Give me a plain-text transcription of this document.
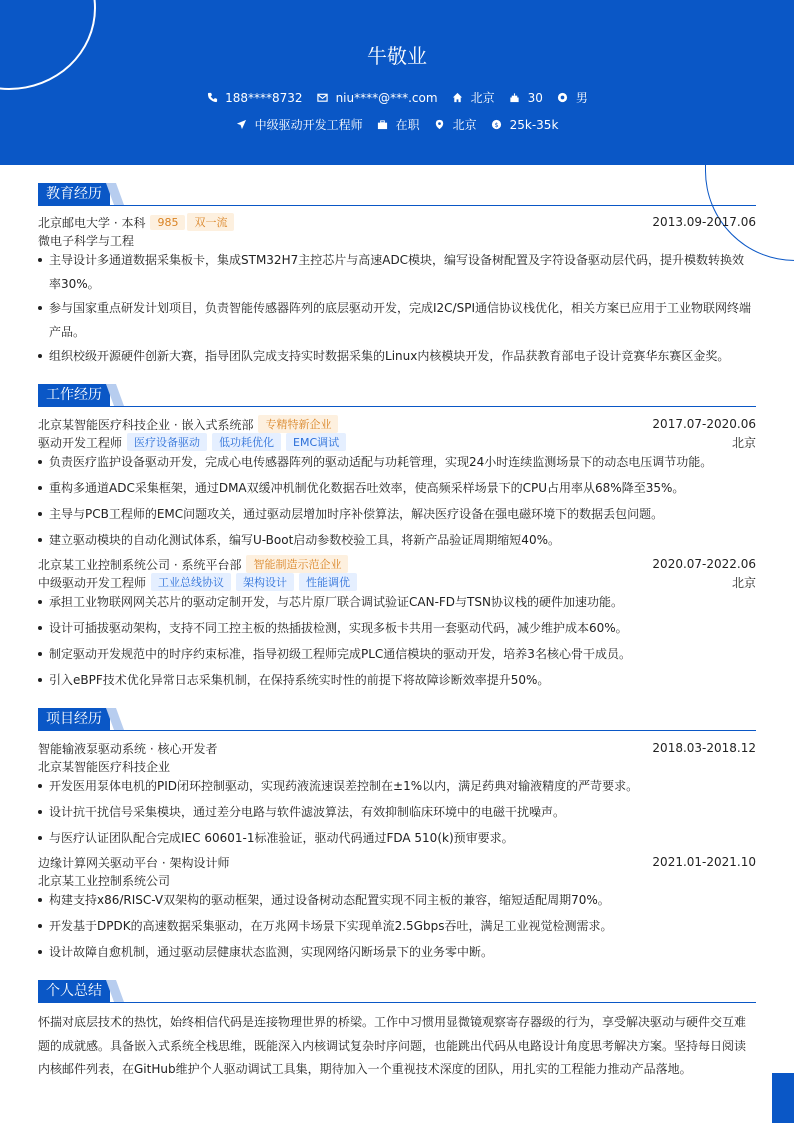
牛敬业
188****8732	niu****@***.com	北京	30	男
中级驱动开发工程师	在职	北京	$ 25k-35k
教育经历
北京邮电大学 · 本科	985	双一流	2013.09-2017.06
微电子科学与工程
主导设计多通道数据采集板卡，集成STM32H7主控芯片与高速ADC模块，编写设备树配置及字符设备驱动层代码，提升模数转换效率30%。
参与国家重点研发计划项目，负责智能传感器阵列的底层驱动开发，完成I2C/SPI通信协议栈优化，相关方案已应用于工业物联网终端产品。
组织校级开源硬件创新大赛，指导团队完成支持实时数据采集的Linux内核模块开发，作品获教育部电子设计竞赛华东赛区金奖。
工作经历
北京某智能医疗科技企业 · 嵌入式系统部	专精特新企业	2017.07-2020.06
驱动开发工程师	医疗设备驱动	低功耗优化	EMC调试	北京
负责医疗监护设备驱动开发，完成心电传感器阵列的驱动适配与功耗管理，实现24小时连续监测场景下的动态电压调节功能。
重构多通道ADC采集框架，通过DMA双缓冲机制优化数据吞吐效率，使高频采样场景下的CPU占用率从68%降至35%。
主导与PCB工程师的EMC问题攻关，通过驱动层增加时序补偿算法，解决医疗设备在强电磁环境下的数据丢包问题。
建立驱动模块的自动化测试体系，编写U-Boot启动参数校验工具，将新产品验证周期缩短40%。
北京某工业控制系统公司 · 系统平台部	智能制造示范企业	2020.07-2022.06
中级驱动开发工程师	工业总线协议	架构设计	性能调优	北京
承担工业物联网网关芯片的驱动定制开发，与芯片原厂联合调试验证CAN-FD与TSN协议栈的硬件加速功能。
设计可插拔驱动架构，支持不同工控主板的热插拔检测，实现多板卡共用一套驱动代码，减少维护成本60%。
制定驱动开发规范中的时序约束标准，指导初级工程师完成PLC通信模块的驱动开发，培养3名核心骨干成员。
引入eBPF技术优化异常日志采集机制，在保持系统实时性的前提下将故障诊断效率提升50%。
项目经历
智能输液泵驱动系统 · 核心开发者	2018.03-2018.12
北京某智能医疗科技企业
开发医用泵体电机的PID闭环控制驱动，实现药液流速误差控制在±1%以内，满足药典对输液精度的严苛要求。
设计抗干扰信号采集模块，通过差分电路与软件滤波算法，有效抑制临床环境中的电磁干扰噪声。
与医疗认证团队配合完成IEC 60601-1标准验证，驱动代码通过FDA 510(k)预审要求。
边缘计算网关驱动平台 · 架构设计师	2021.01-2021.10
北京某工业控制系统公司
构建支持x86/RISC-V双架构的驱动框架，通过设备树动态配置实现不同主板的兼容，缩短适配周期70%。
开发基于DPDK的高速数据采集驱动，在万兆网卡场景下实现单流2.5Gbps吞吐，满足工业视觉检测需求。
设计故障自愈机制，通过驱动层健康状态监测，实现网络闪断场景下的业务零中断。
个人总结
怀揣对底层技术的热忱，始终相信代码是连接物理世界的桥梁。工作中习惯用显微镜观察寄存器级的行为，享受解决驱动与硬件交互难题的成就感。具备嵌入式系统全栈思维，既能深入内核调试复杂时序问题，也能跳出代码从电路设计角度思考解决方案。坚持每日阅读内核邮件列表，在GitHub维护个人驱动调试工具集，期待加入一个重视技术深度的团队，用扎实的工程能力推动产品落地。
